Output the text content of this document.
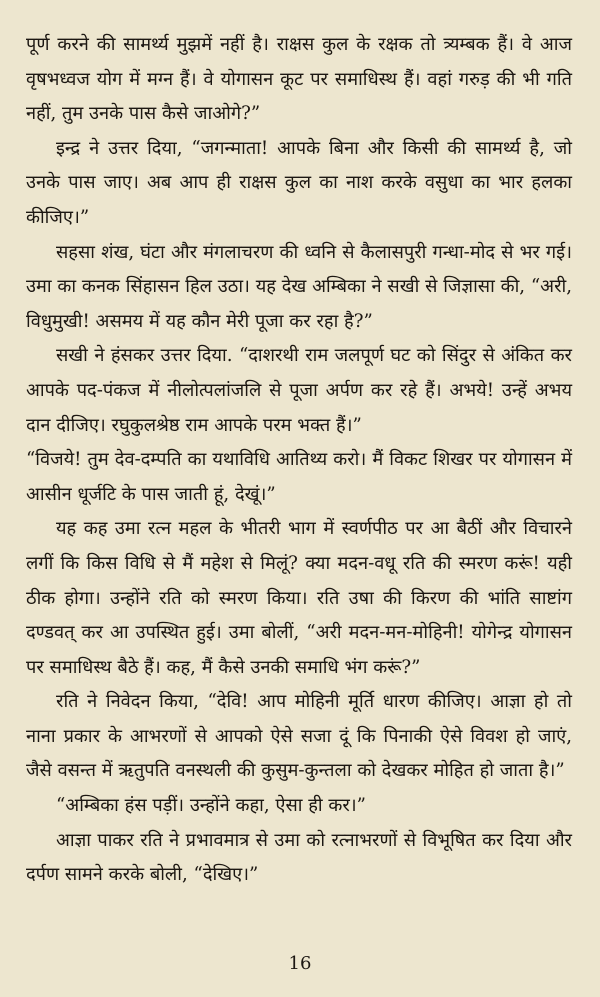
पूर्ण करने की सामर्थ्य मुझमें नहीं है। राक्षस कुल के रक्षक तो त्र्यम्बक हैं। वे आज वृषभध्वज योग में मग्न हैं। वे योगासन कूट पर समाधिस्थ हैं। वहां गरुड़ की भी गति नहीं, तुम उनके पास कैसे जाओगे?”

इन्द्र ने उत्तर दिया, “जगन्माता! आपके बिना और किसी की सामर्थ्य है, जो उनके पास जाए। अब आप ही राक्षस कुल का नाश करके वसुधा का भार हलका कीजिए।”

सहसा शंख, घंटा और मंगलाचरण की ध्वनि से कैलासपुरी गन्धा-मोद से भर गई। उमा का कनक सिंहासन हिल उठा। यह देख अम्बिका ने सखी से जिज्ञासा की, “अरी, विधुमुखी! असमय में यह कौन मेरी पूजा कर रहा है?”

सखी ने हंसकर उत्तर दिया. “दाशरथी राम जलपूर्ण घट को सिंदुर से अंकित कर आपके पद-पंकज में नीलोत्पलांजलि से पूजा अर्पण कर रहे हैं। अभये! उन्हें अभय दान दीजिए। रघुकुलश्रेष्ठ राम आपके परम भक्त हैं।”

“विजये! तुम देव-दम्पति का यथाविधि आतिथ्य करो। मैं विकट शिखर पर योगासन में आसीन धूर्जटि के पास जाती हूं, देखूं।”

यह कह उमा रत्न महल के भीतरी भाग में स्वर्णपीठ पर आ बैठीं और विचारने लगीं कि किस विधि से मैं महेश से मिलूं? क्या मदन-वधू रति की स्मरण करूं! यही ठीक होगा। उन्होंने रति को स्मरण किया। रति उषा की किरण की भांति साष्टांग दण्डवत् कर आ उपस्थित हुई। उमा बोलीं, “अरी मदन-मन-मोहिनी! योगेन्द्र योगासन पर समाधिस्थ बैठे हैं। कह, मैं कैसे उनकी समाधि भंग करूं?”

रति ने निवेदन किया, “देवि! आप मोहिनी मूर्ति धारण कीजिए। आज्ञा हो तो नाना प्रकार के आभरणों से आपको ऐसे सजा दूं कि पिनाकी ऐसे विवश हो जाएं, जैसे वसन्त में ऋतुपति वनस्थली की कुसुम-कुन्तला को देखकर मोहित हो जाता है।”

“अम्बिका हंस पड़ीं। उन्होंने कहा, ऐसा ही कर।”

आज्ञा पाकर रति ने प्रभावमात्र से उमा को रत्नाभरणों से विभूषित कर दिया और दर्पण सामने करके बोली, “देखिए।”

16
